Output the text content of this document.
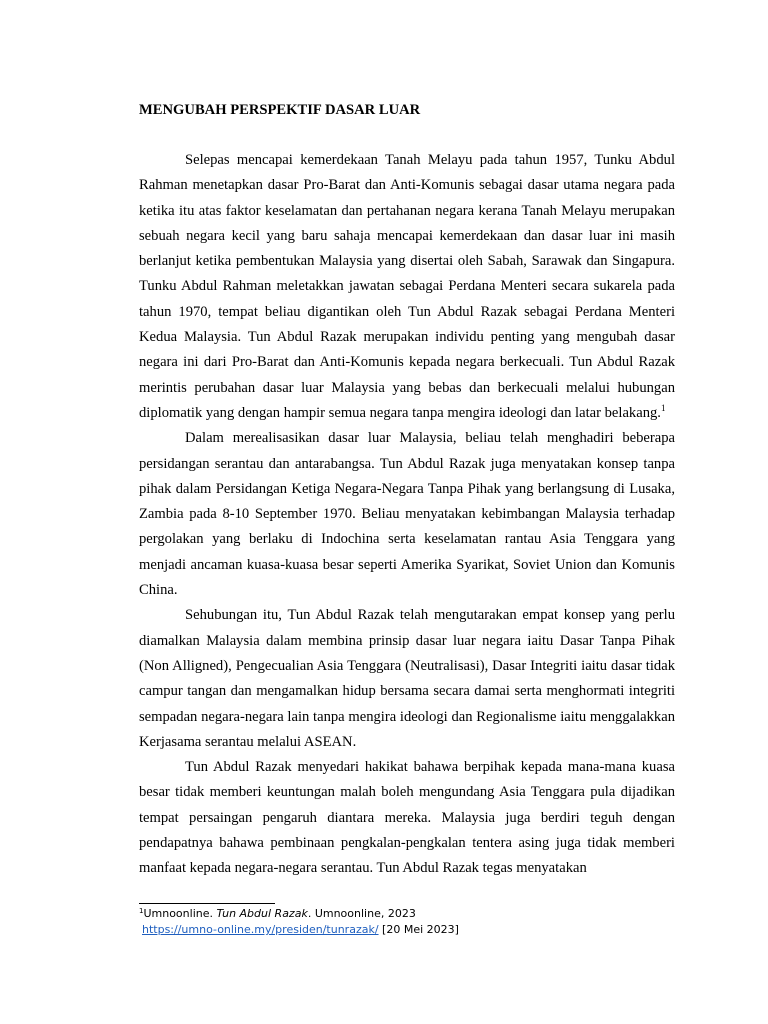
MENGUBAH PERSPEKTIF DASAR LUAR

Selepas mencapai kemerdekaan Tanah Melayu pada tahun 1957, Tunku Abdul Rahman menetapkan dasar Pro-Barat dan Anti-Komunis sebagai dasar utama negara pada ketika itu atas faktor keselamatan dan pertahanan negara kerana Tanah Melayu merupakan sebuah negara kecil yang baru sahaja mencapai kemerdekaan dan dasar luar ini masih berlanjut ketika pembentukan Malaysia yang disertai oleh Sabah, Sarawak dan Singapura. Tunku Abdul Rahman meletakkan jawatan sebagai Perdana Menteri secara sukarela pada tahun 1970, tempat beliau digantikan oleh Tun Abdul Razak sebagai Perdana Menteri Kedua Malaysia. Tun Abdul Razak merupakan individu penting yang mengubah dasar negara ini dari Pro-Barat dan Anti-Komunis kepada negara berkecuali. Tun Abdul Razak merintis perubahan dasar luar Malaysia yang bebas dan berkecuali melalui hubungan diplomatik yang dengan hampir semua negara tanpa mengira ideologi dan latar belakang.$^1$

Dalam merealisasikan dasar luar Malaysia, beliau telah menghadiri beberapa persidangan serantau dan antarabangsa. Tun Abdul Razak juga menyatakan konsep tanpa pihak dalam Persidangan Ketiga Negara-Negara Tanpa Pihak yang berlangsung di Lusaka, Zambia pada 8-10 September 1970. Beliau menyatakan kebimbangan Malaysia terhadap pergolakan yang berlaku di Indochina serta keselamatan rantau Asia Tenggara yang menjadi ancaman kuasa-kuasa besar seperti Amerika Syarikat, Soviet Union dan Komunis China.

Sehubungan itu, Tun Abdul Razak telah mengutarakan empat konsep yang perlu diamalkan Malaysia dalam membina prinsip dasar luar negara iaitu Dasar Tanpa Pihak (Non Alligned), Pengecualian Asia Tenggara (Neutralisasi), Dasar Integriti iaitu dasar tidak campur tangan dan mengamalkan hidup bersama secara damai serta menghormati integriti sempadan negara-negara lain tanpa mengira ideologi dan Regionalisme iaitu menggalakkan Kerjasama serantau melalui ASEAN.

Tun Abdul Razak menyedari hakikat bahawa berpihak kepada mana-mana kuasa besar tidak memberi keuntungan malah boleh mengundang Asia Tenggara pula dijadikan tempat persaingan pengaruh diantara mereka. Malaysia juga berdiri teguh dengan pendapatnya bahawa pembinaan pengkalan-pengkalan tentera asing juga tidak memberi manfaat kepada negara-negara serantau. Tun Abdul Razak tegas menyatakan

$^1$Umnoonline. Tun Abdul Razak. Umnoonline, 2023
https://umno-online.my/presiden/tunrazak/ [20 Mei 2023]
